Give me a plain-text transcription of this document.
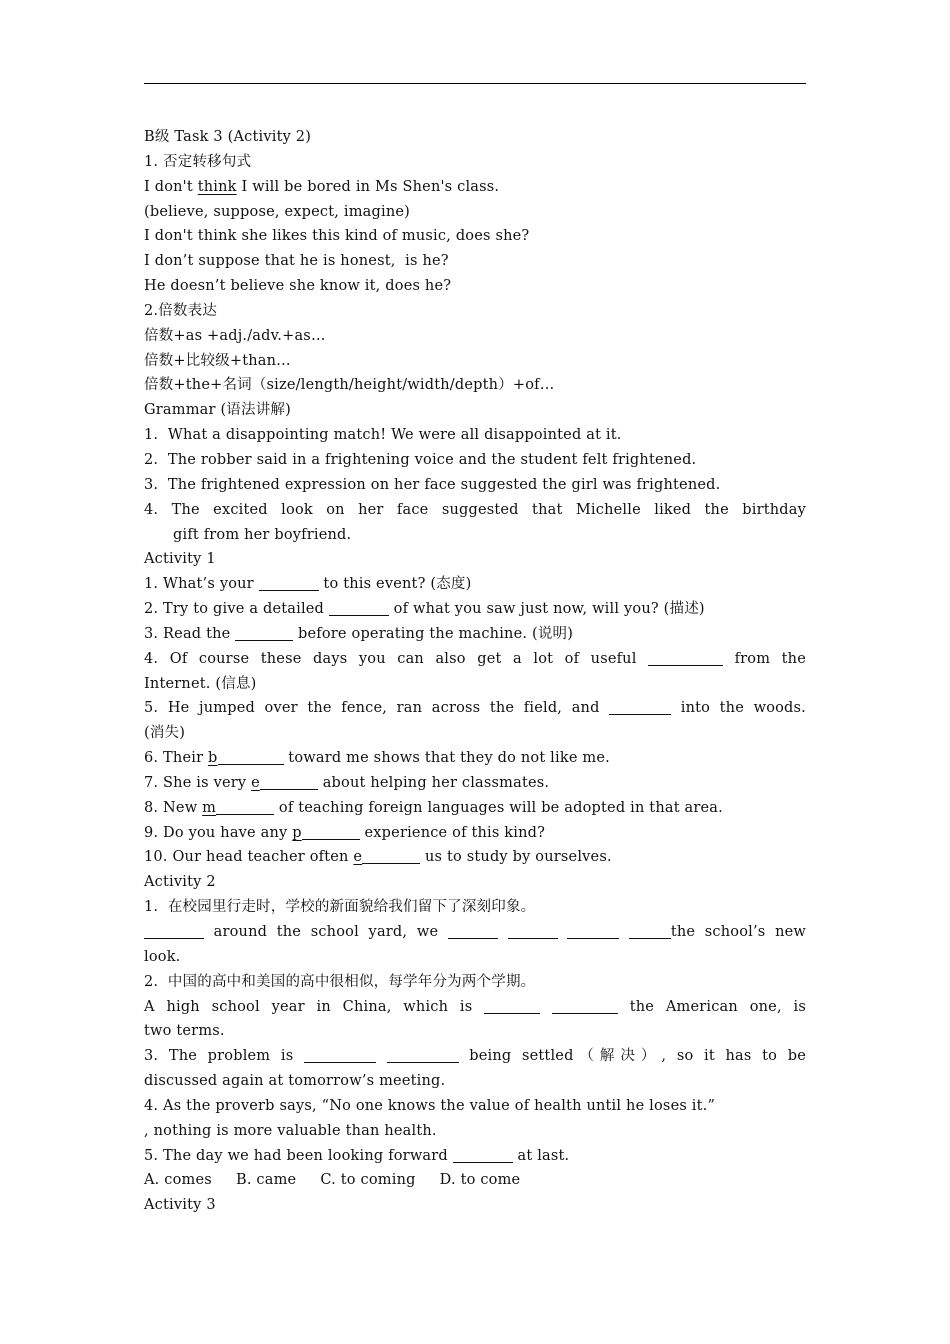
B级 Task 3 (Activity 2)
1. 否定转移句式
I don't think I will be bored in Ms Shen's class.
(believe, suppose, expect, imagine)
I don't think she likes this kind of music, does she?
I don’t suppose that he is honest,  is he?
He doesn’t believe she know it, does he?
2.倍数表达
倍数+as +adj./adv.+as…
倍数+比较级+than…
倍数+the+名词（size/length/height/width/depth）+of…
Grammar (语法讲解)
1.  What a disappointing match! We were all disappointed at it.
2.  The robber said in a frightening voice and the student felt frightened.
3.  The frightened expression on her face suggested the girl was frightened.
4. The excited look on her face suggested that Michelle liked the birthday
gift from her boyfriend.
Activity 1
1. What’s your	to this event? (态度)
2. Try to give a detailed	of what you saw just now, will you? (描述)
3. Read the	before operating the machine. (说明)
4. Of course these days you can also get a lot of useful	from the
Internet. (信息)
5. He jumped over the fence, ran across the field, and	into the woods.
(消失)
6. Their b	toward me shows that they do not like me.
7. She is very e	about helping her classmates.
8. New m	of teaching foreign languages will be adopted in that area.
9. Do you have any p	experience of this kind?
10. Our head teacher often e	us to study by ourselves.
Activity 2
1.  在校园里行走时，学校的新面貌给我们留下了深刻印象。
around the school yard, we	the school’s new
look.
2.  中国的高中和美国的高中很相似，每学年分为两个学期。
A high school year in China, which is	the American one, is
two terms.
3. The problem is	being settled（解决）, so it has to be
discussed again at tomorrow’s meeting.
4. As the proverb says, “No one knows the value of health until he loses it.”
, nothing is more valuable than health.
5. The day we had been looking forward	at last.
A. comes     B. came     C. to coming     D. to come
Activity 3
